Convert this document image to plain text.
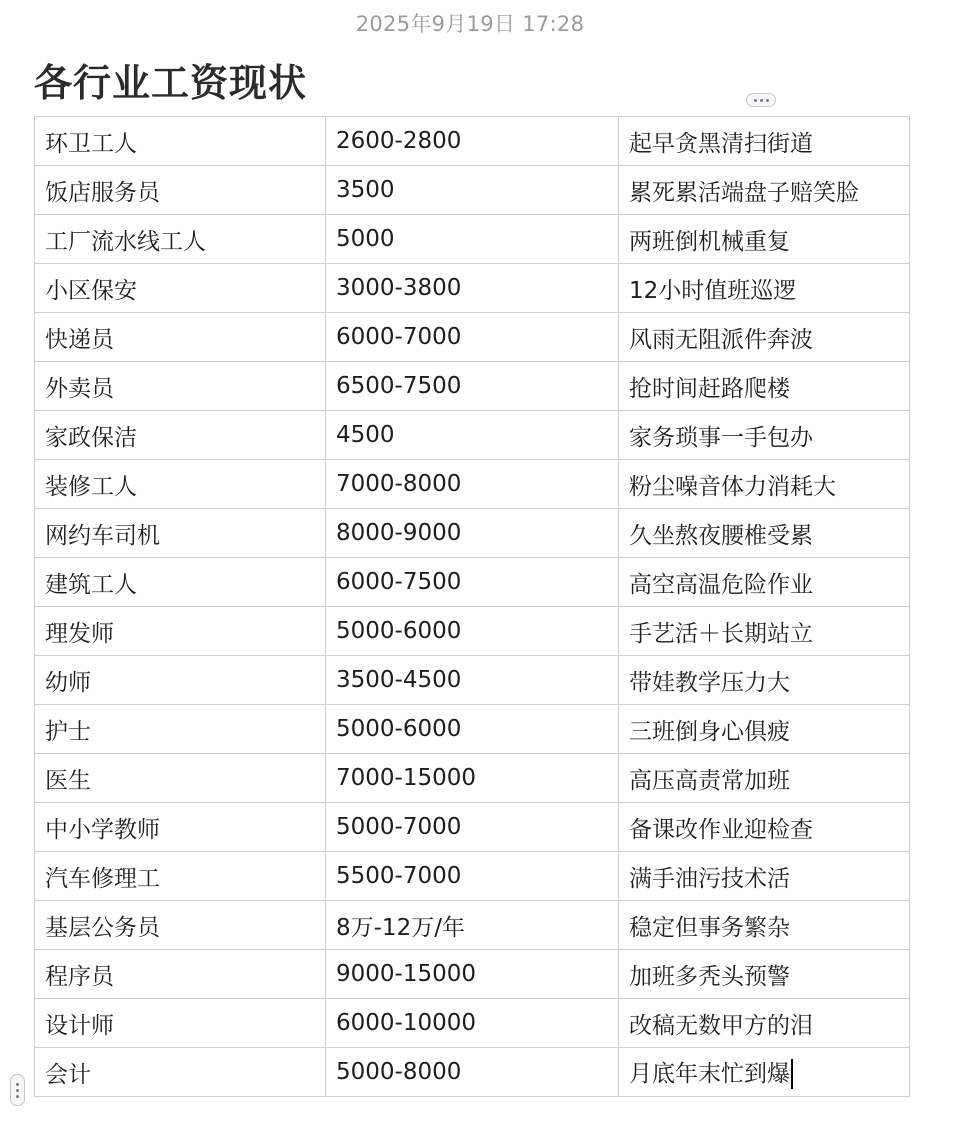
2025年9月19日 17:28
各行业工资现状
环卫工人	2600-2800	起早贪黑清扫街道
饭店服务员	3500	累死累活端盘子赔笑脸
工厂流水线工人	5000	两班倒机械重复
小区保安	3000-3800	12小时值班巡逻
快递员	6000-7000	风雨无阻派件奔波
外卖员	6500-7500	抢时间赶路爬楼
家政保洁	4500	家务琐事一手包办
装修工人	7000-8000	粉尘噪音体力消耗大
网约车司机	8000-9000	久坐熬夜腰椎受累
建筑工人	6000-7500	高空高温危险作业
理发师	5000-6000	手艺活＋长期站立
幼师	3500-4500	带娃教学压力大
护士	5000-6000	三班倒身心俱疲
医生	7000-15000	高压高责常加班
中小学教师	5000-7000	备课改作业迎检查
汽车修理工	5500-7000	满手油污技术活
基层公务员	8万-12万/年	稳定但事务繁杂
程序员	9000-15000	加班多秃头预警
设计师	6000-10000	改稿无数甲方的泪
会计	5000-8000	月底年末忙到爆
